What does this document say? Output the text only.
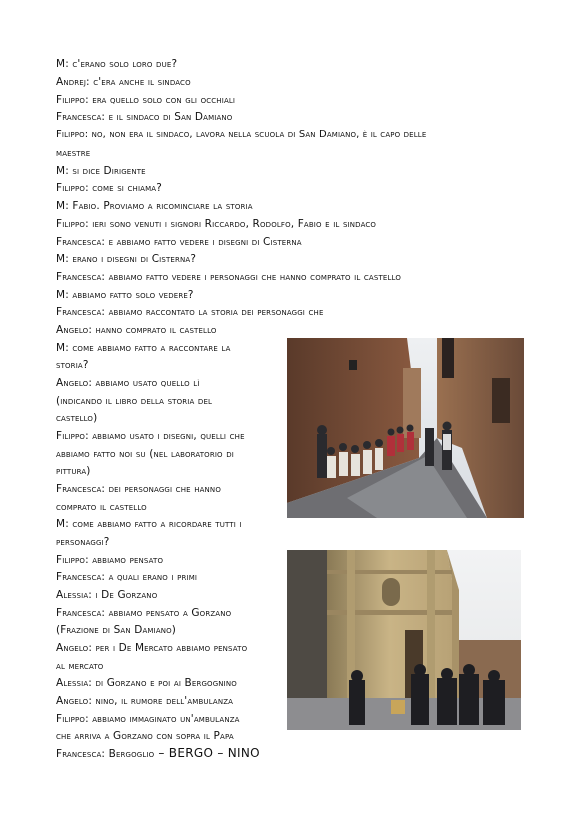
M: c'erano solo loro due?
Andrej: c'era anche il sindaco
Filippo: era quello solo con gli occhiali
Francesca: e il sindaco di San Damiano
Filippo: no, non era il sindaco, lavora nella scuola di San Damiano, è il capo delle
maestre
M: si dice Dirigente
Filippo: come si chiama?
M: Fabio. Proviamo a ricominciare la storia
Filippo: ieri sono venuti i signori Riccardo, Rodolfo, Fabio e il sindaco
Francesca: e abbiamo fatto vedere i disegni di Cisterna
M: erano i disegni di Cisterna?
Francesca: abbiamo fatto vedere i personaggi che hanno comprato il castello
M: abbiamo fatto solo vedere?
Francesca: abbiamo raccontato la storia dei personaggi che
Angelo: hanno comprato il castello
M: come abbiamo fatto a raccontare la
storia?
Angelo: abbiamo usato quello lì
(indicando il libro della storia del
castello)
Filippo: abbiamo usato i disegni, quelli che
abbiamo fatto noi su (nel laboratorio di
pittura)
Francesca: dei personaggi che hanno
comprato il castello
M: come abbiamo fatto a ricordare tutti i
personaggi?
Filippo: abbiamo pensato
Francesca: a quali erano i primi
Alessia: i De Gorzano
Francesca: abbiamo pensato a Gorzano
(Frazione di San Damiano)
Angelo: per i De Mercato abbiamo pensato
al mercato
Alessia: di Gorzano e poi ai Bergognino
Angelo: nino, il rumore dell'ambulanza
Filippo: abbiamo immaginato un'ambulanza
che arriva a Gorzano con sopra il Papa
Francesca: Bergoglio – BERGO – NINO
